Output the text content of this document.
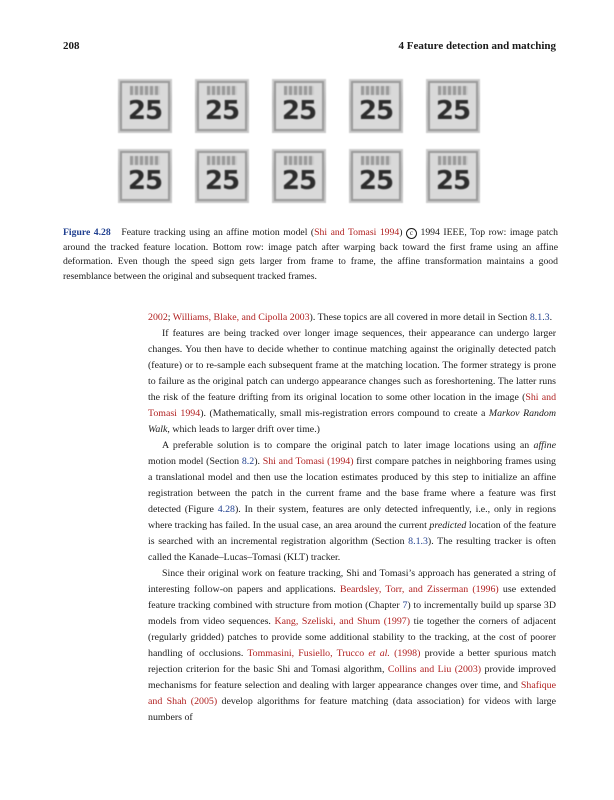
208	4 Feature detection and matching
25	25	25	25	25
25	25	25	25	25
Figure 4.28 Feature tracking using an affine motion model (Shi and Tomasi 1994) c 1994 IEEE, Top row: image patch around the tracked feature location. Bottom row: image patch after warping back toward the first frame using an affine deformation. Even though the speed sign gets larger from frame to frame, the affine transformation maintains a good resemblance between the original and subsequent tracked frames.

2002; Williams, Blake, and Cipolla 2003). These topics are all covered in more detail in Section 8.1.3.

If features are being tracked over longer image sequences, their appearance can undergo larger changes. You then have to decide whether to continue matching against the originally detected patch (feature) or to re-sample each subsequent frame at the matching location. The former strategy is prone to failure as the original patch can undergo appearance changes such as foreshortening. The latter runs the risk of the feature drifting from its original location to some other location in the image (Shi and Tomasi 1994). (Mathematically, small mis-registration errors compound to create a Markov Random Walk, which leads to larger drift over time.)

A preferable solution is to compare the original patch to later image locations using an affine motion model (Section 8.2). Shi and Tomasi (1994) first compare patches in neighboring frames using a translational model and then use the location estimates produced by this step to initialize an affine registration between the patch in the current frame and the base frame where a feature was first detected (Figure 4.28). In their system, features are only detected infrequently, i.e., only in regions where tracking has failed. In the usual case, an area around the current predicted location of the feature is searched with an incremental registration algorithm (Section 8.1.3). The resulting tracker is often called the Kanade–Lucas–Tomasi (KLT) tracker.

Since their original work on feature tracking, Shi and Tomasi’s approach has generated a string of interesting follow-on papers and applications. Beardsley, Torr, and Zisserman (1996) use extended feature tracking combined with structure from motion (Chapter 7) to incrementally build up sparse 3D models from video sequences. Kang, Szeliski, and Shum (1997) tie together the corners of adjacent (regularly gridded) patches to provide some additional stability to the tracking, at the cost of poorer handling of occlusions. Tommasini, Fusiello, Trucco et al. (1998) provide a better spurious match rejection criterion for the basic Shi and Tomasi algorithm, Collins and Liu (2003) provide improved mechanisms for feature selection and dealing with larger appearance changes over time, and Shafique and Shah (2005) develop algorithms for feature matching (data association) for videos with large numbers of
